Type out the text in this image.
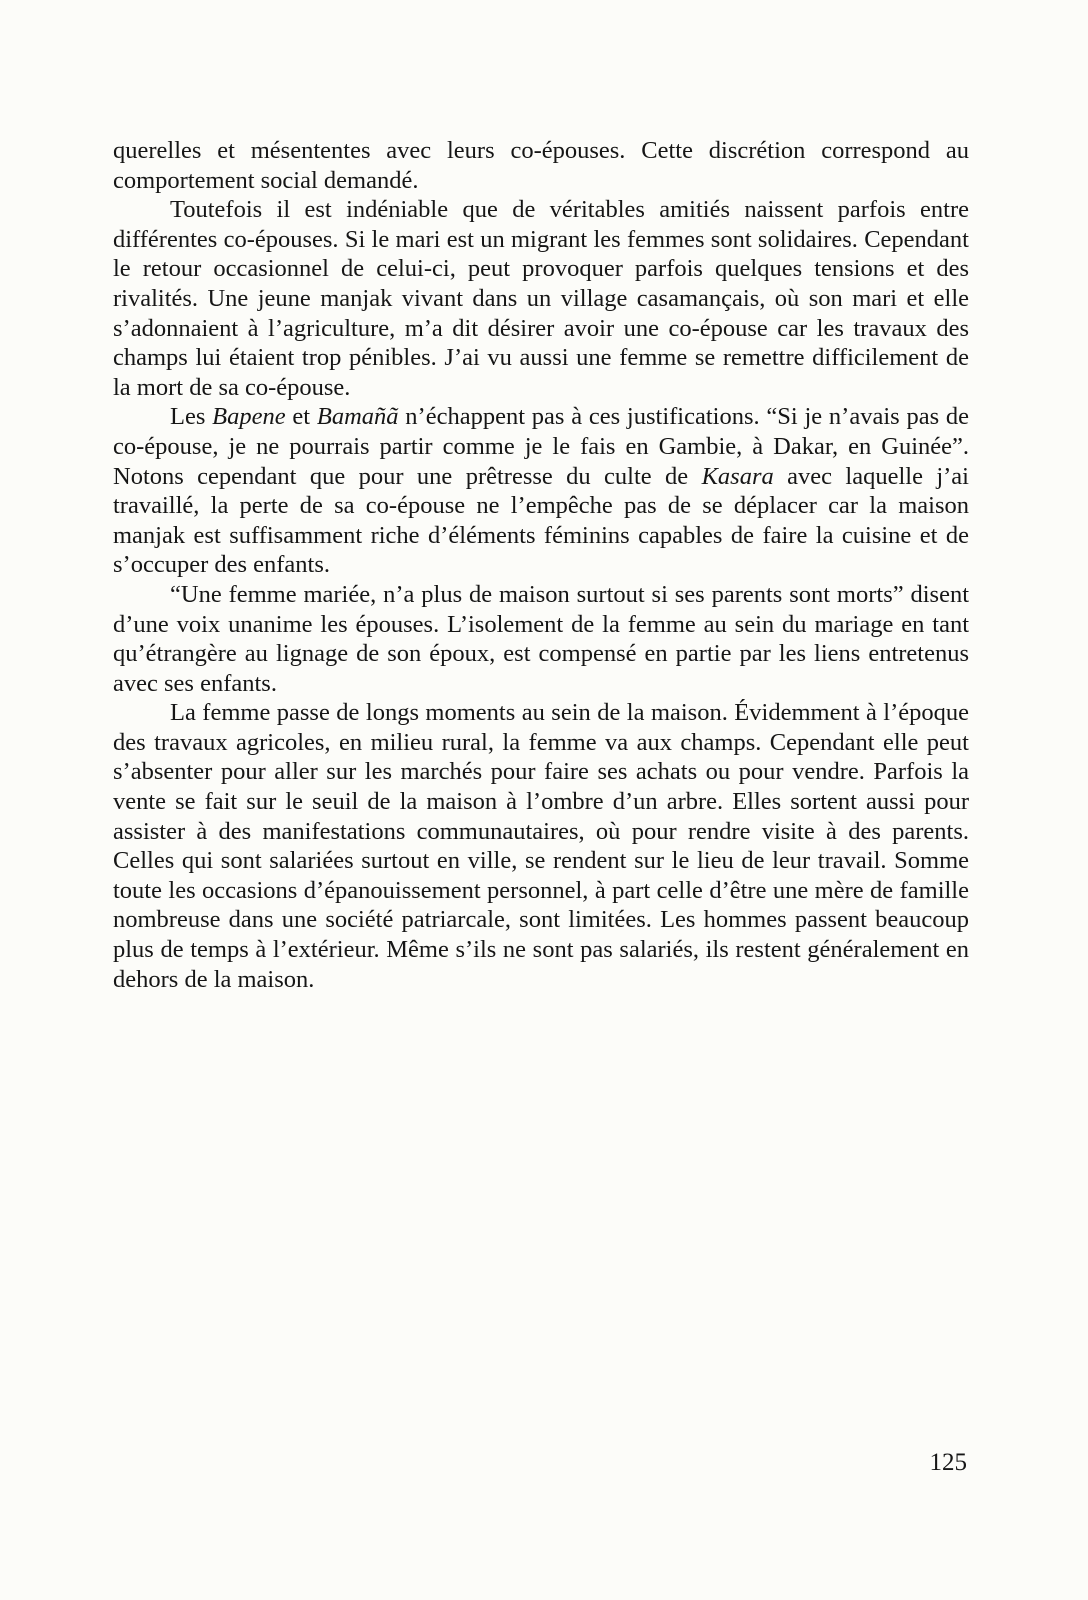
querelles et mésententes avec leurs co-épouses. Cette discrétion correspond au comportement social demandé.

Toutefois il est indéniable que de véritables amitiés naissent parfois entre différentes co-épouses. Si le mari est un migrant les femmes sont solidaires. Cependant le retour occasionnel de celui-ci, peut provoquer parfois quelques tensions et des rivalités. Une jeune manjak vivant dans un village casamançais, où son mari et elle s’adonnaient à l’agriculture, m’a dit désirer avoir une co-épouse car les travaux des champs lui étaient trop pénibles. J’ai vu aussi une femme se remettre difficilement de la mort de sa co-épouse.

Les Bapene et Bamañã n’échappent pas à ces justifications. “Si je n’avais pas de co-épouse, je ne pourrais partir comme je le fais en Gambie, à Dakar, en Guinée”. Notons cependant que pour une prêtresse du culte de Kasara avec laquelle j’ai travaillé, la perte de sa co-épouse ne l’empêche pas de se déplacer car la maison manjak est suffisamment riche d’éléments féminins capables de faire la cuisine et de s’occuper des enfants.

“Une femme mariée, n’a plus de maison surtout si ses parents sont morts” disent d’une voix unanime les épouses. L’isolement de la femme au sein du mariage en tant qu’étrangère au lignage de son époux, est compensé en partie par les liens entretenus avec ses enfants.

La femme passe de longs moments au sein de la maison. Évidemment à l’époque des travaux agricoles, en milieu rural, la femme va aux champs. Cependant elle peut s’absenter pour aller sur les marchés pour faire ses achats ou pour vendre. Parfois la vente se fait sur le seuil de la maison à l’ombre d’un arbre. Elles sortent aussi pour assister à des manifestations communautaires, où pour rendre visite à des parents. Celles qui sont salariées surtout en ville, se rendent sur le lieu de leur travail. Somme toute les occasions d’épanouissement personnel, à part celle d’être une mère de famille nombreuse dans une société patriarcale, sont limitées. Les hommes passent beaucoup plus de temps à l’extérieur. Même s’ils ne sont pas salariés, ils restent généralement en dehors de la maison.

125
